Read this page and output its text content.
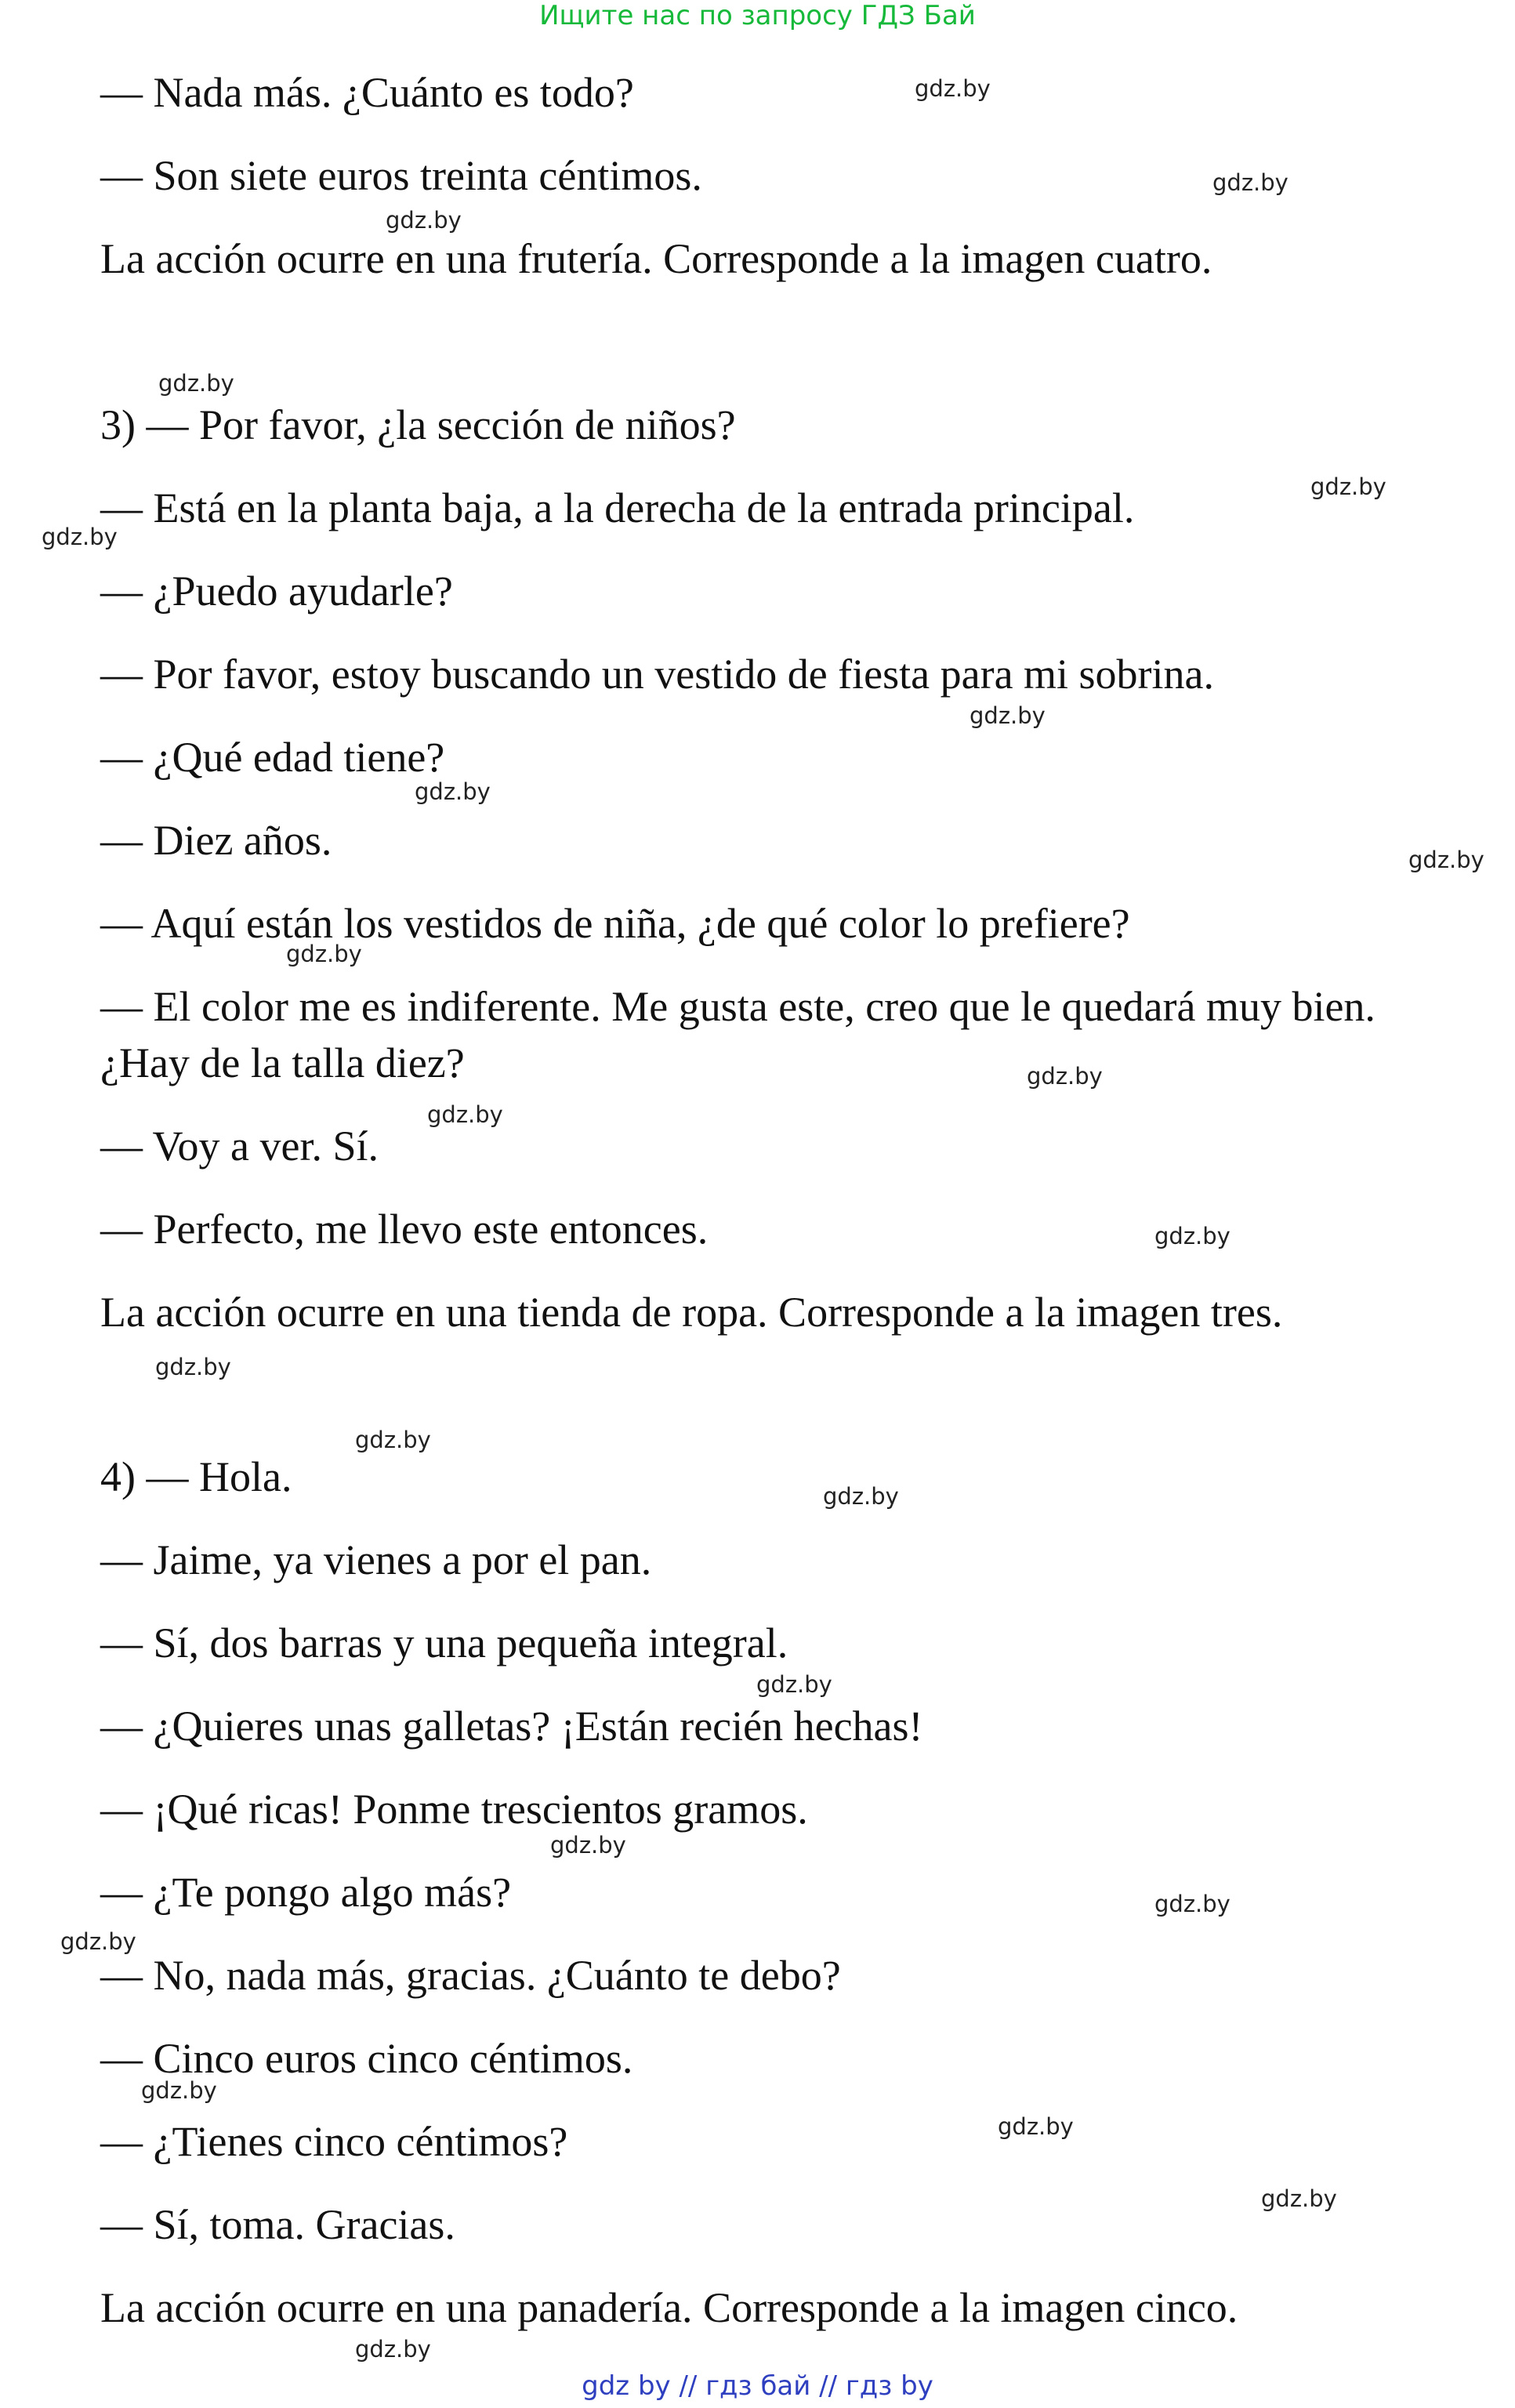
Ищите нас по запросу ГДЗ Бай
— Nada más. ¿Cuánto es todo?
— Son siete euros treinta céntimos.
La acción ocurre en una frutería. Corresponde a la imagen cuatro.
3) — Por favor, ¿la sección de niños?
— Está en la planta baja, a la derecha de la entrada principal.
— ¿Puedo ayudarle?
— Por favor, estoy buscando un vestido de fiesta para mi sobrina.
— ¿Qué edad tiene?
— Diez años.
— Aquí están los vestidos de niña, ¿de qué color lo prefiere?
— El color me es indiferente. Me gusta este, creo que le quedará muy bien.
¿Hay de la talla diez?
— Voy a ver. Sí.
— Perfecto, me llevo este entonces.
La acción ocurre en una tienda de ropa. Corresponde a la imagen tres.
4) — Hola.
— Jaime, ya vienes a por el pan.
— Sí, dos barras y una pequeña integral.
— ¿Quieres unas galletas? ¡Están recién hechas!
— ¡Qué ricas! Ponme trescientos gramos.
— ¿Te pongo algo más?
— No, nada más, gracias. ¿Cuánto te debo?
— Cinco euros cinco céntimos.
— ¿Tienes cinco céntimos?
— Sí, toma. Gracias.
La acción ocurre en una panadería. Corresponde a la imagen cinco.
gdz.by
gdz.by
gdz.by
gdz.by
gdz.by
gdz.by
gdz.by
gdz.by
gdz.by
gdz.by
gdz.by
gdz.by
gdz.by
gdz.by
gdz.by
gdz.by
gdz.by
gdz.by
gdz.by
gdz.by
gdz.by
gdz.by
gdz.by
gdz.by
gdz by // гдз бай // гдз by
